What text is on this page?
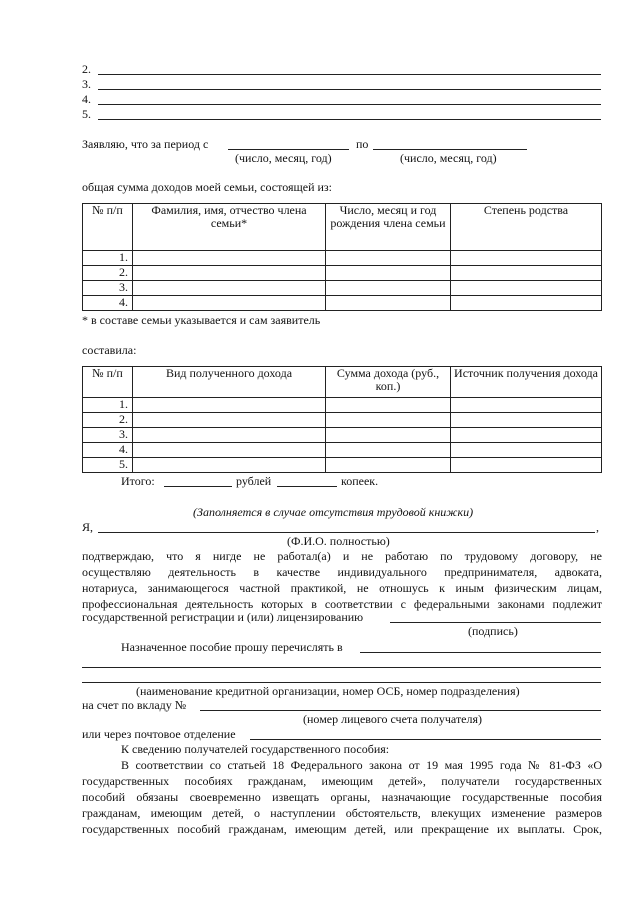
2.
3.
4.
5.
Заявляю, что за период с	по
(число, месяц, год)	(число, месяц, год)
общая сумма доходов моей семьи, состоящей из:
№ п/п	Фамилия, имя, отчество члена семьи*	Число, месяц и год рождения члена семьи	Степень родства
1.			
2.			
3.			
4.			
* в составе семьи указывается и сам заявитель
составила:
№ п/п	Вид полученного дохода	Сумма дохода (руб., коп.)	Источник получения дохода
1.			
2.			
3.			
4.			
5.			
Итого:	рублей	копеек.
(Заполняется в случае отсутствия трудовой книжки)
Я,	,
(Ф.И.О. полностью)
подтверждаю, что я нигде не работал(а) и не работаю по трудовому договору, не
осуществляю деятельность в качестве индивидуального предпринимателя, адвоката,
нотариуса, занимающегося частной практикой, не отношусь к иным физическим лицам,
профессиональная деятельность которых в соответствии с федеральными законами подлежит
государственной регистрации и (или) лицензированию
(подпись)
Назначенное пособие прошу перечислять в
(наименование кредитной организации, номер ОСБ, номер подразделения)
на счет по вкладу №
(номер лицевого счета получателя)
или через почтовое отделение
К сведению получателей государственного пособия:
В соответствии со статьей 18 Федерального закона от 19 мая 1995 года № 81-ФЗ «О
государственных пособиях гражданам, имеющим детей», получатели государственных
пособий обязаны своевременно извещать органы, назначающие государственные пособия
гражданам, имеющим детей, о наступлении обстоятельств, влекущих изменение размеров
государственных пособий гражданам, имеющим детей, или прекращение их выплаты. Срок,
